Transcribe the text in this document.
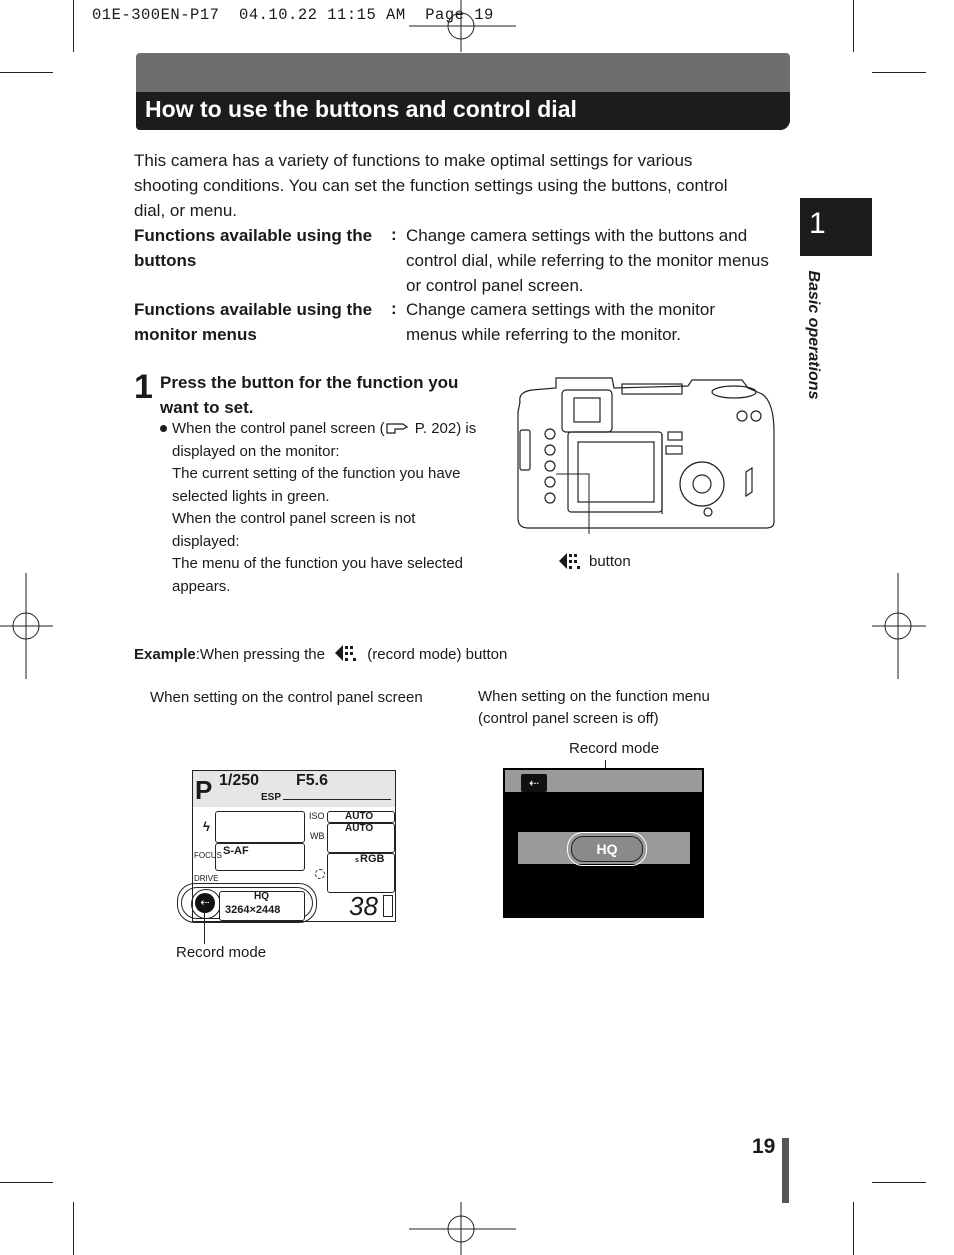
01E-300EN-P17  04.10.22 11:15 AM  Page 19
How to use the buttons and control dial
This camera has a variety of functions to make optimal settings for various
shooting conditions. You can set the function settings using the buttons, control
dial, or menu.
Functions available using the
buttons
: Change camera settings with the buttons and
control dial, while referring to the monitor menus
or control panel screen.
Functions available using the
monitor menus
: Change camera settings with the monitor
menus while referring to the monitor.
1
Basic operations
1 Press the button for the function you
want to set.
When the control panel screen ( P. 202) is
displayed on the monitor:
The current setting of the function you have
selected lights in green.
When the control panel screen is not
displayed:
The menu of the function you have selected
appears.
button
Example:When pressing the	(record mode) button
When setting on the control panel screen	When setting on the function menu
(control panel screen is off)
Record mode
P 1/250 F5.6
ESP
ϟ
FOCUS S-AF
DRIVE
ISO AUTO
WB
AUTO
s RGB
⇠
HQ
3264×2448	38
Record mode
⇠
HQ
19
